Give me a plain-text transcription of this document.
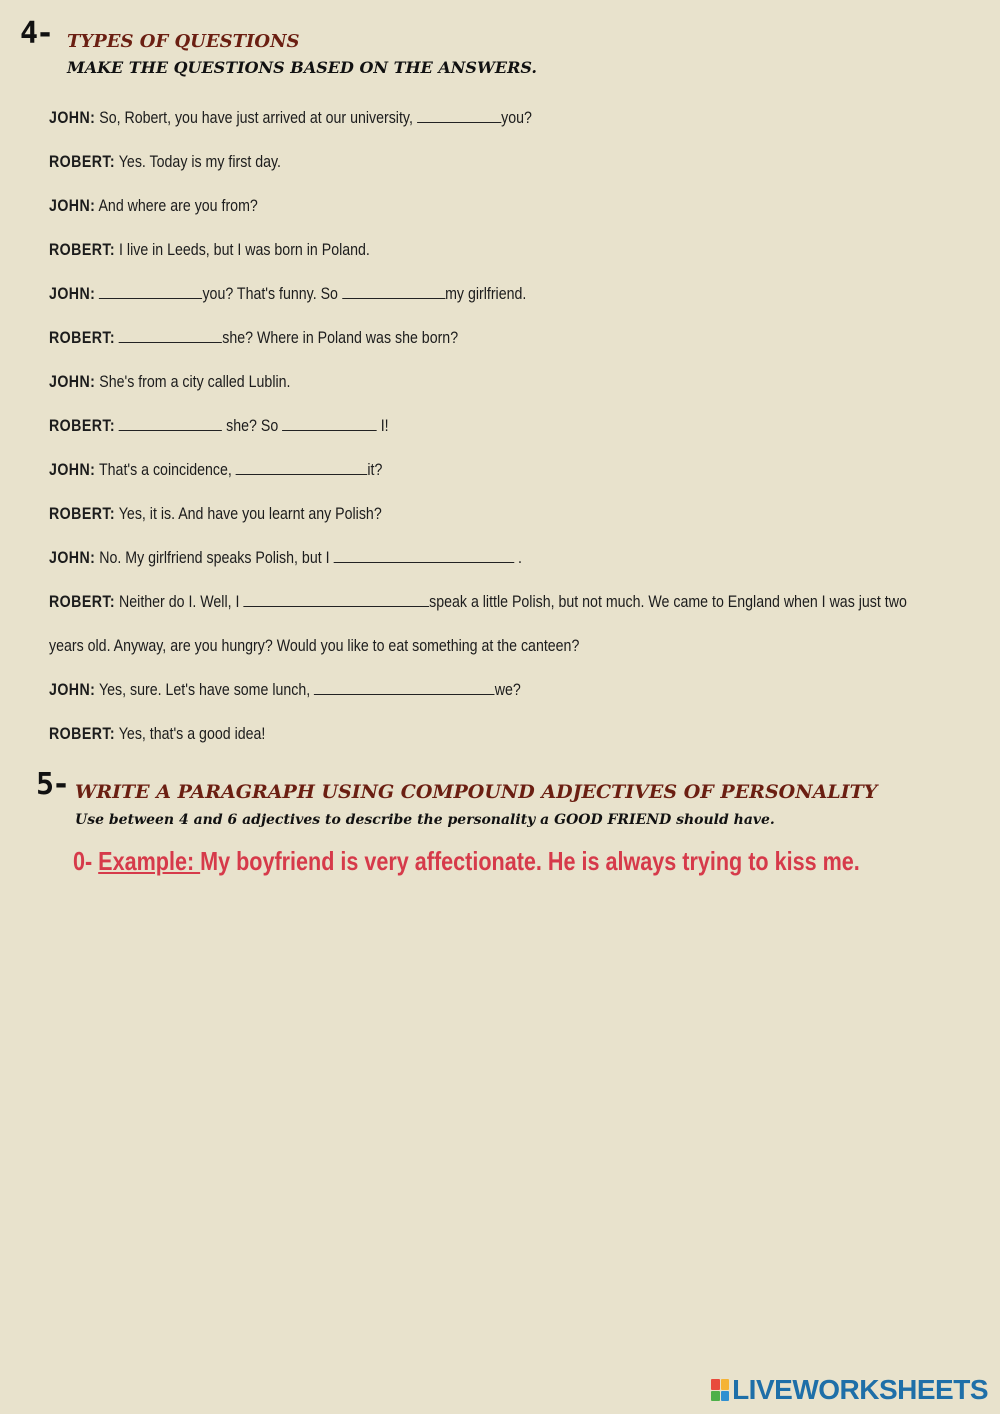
4- TYPES OF QUESTIONS
MAKE THE QUESTIONS BASED ON THE ANSWERS.
JOHN: So, Robert, you have just arrived at our university,	you?
ROBERT: Yes. Today is my first day.
JOHN: And where are you from?
ROBERT: I live in Leeds, but I was born in Poland.
JOHN:	you? That's funny. So	my girlfriend.
ROBERT:	she? Where in Poland was she born?
JOHN: She's from a city called Lublin.
ROBERT:	she? So	I!
JOHN: That's a coincidence,	it?
ROBERT: Yes, it is. And have you learnt any Polish?
JOHN: No. My girlfriend speaks Polish, but I	.
ROBERT: Neither do I. Well, I	speak a little Polish, but not much. We came to England when I was just two
years old. Anyway, are you hungry? Would you like to eat something at the canteen?
JOHN: Yes, sure. Let's have some lunch,	we?
ROBERT: Yes, that's a good idea!
5- WRITE A PARAGRAPH USING COMPOUND ADJECTIVES OF PERSONALITY
Use between 4 and 6 adjectives to describe the personality a GOOD FRIEND should have.
0- Example: My boyfriend is very affectionate. He is always trying to kiss me.
LIVEWORKSHEETS
